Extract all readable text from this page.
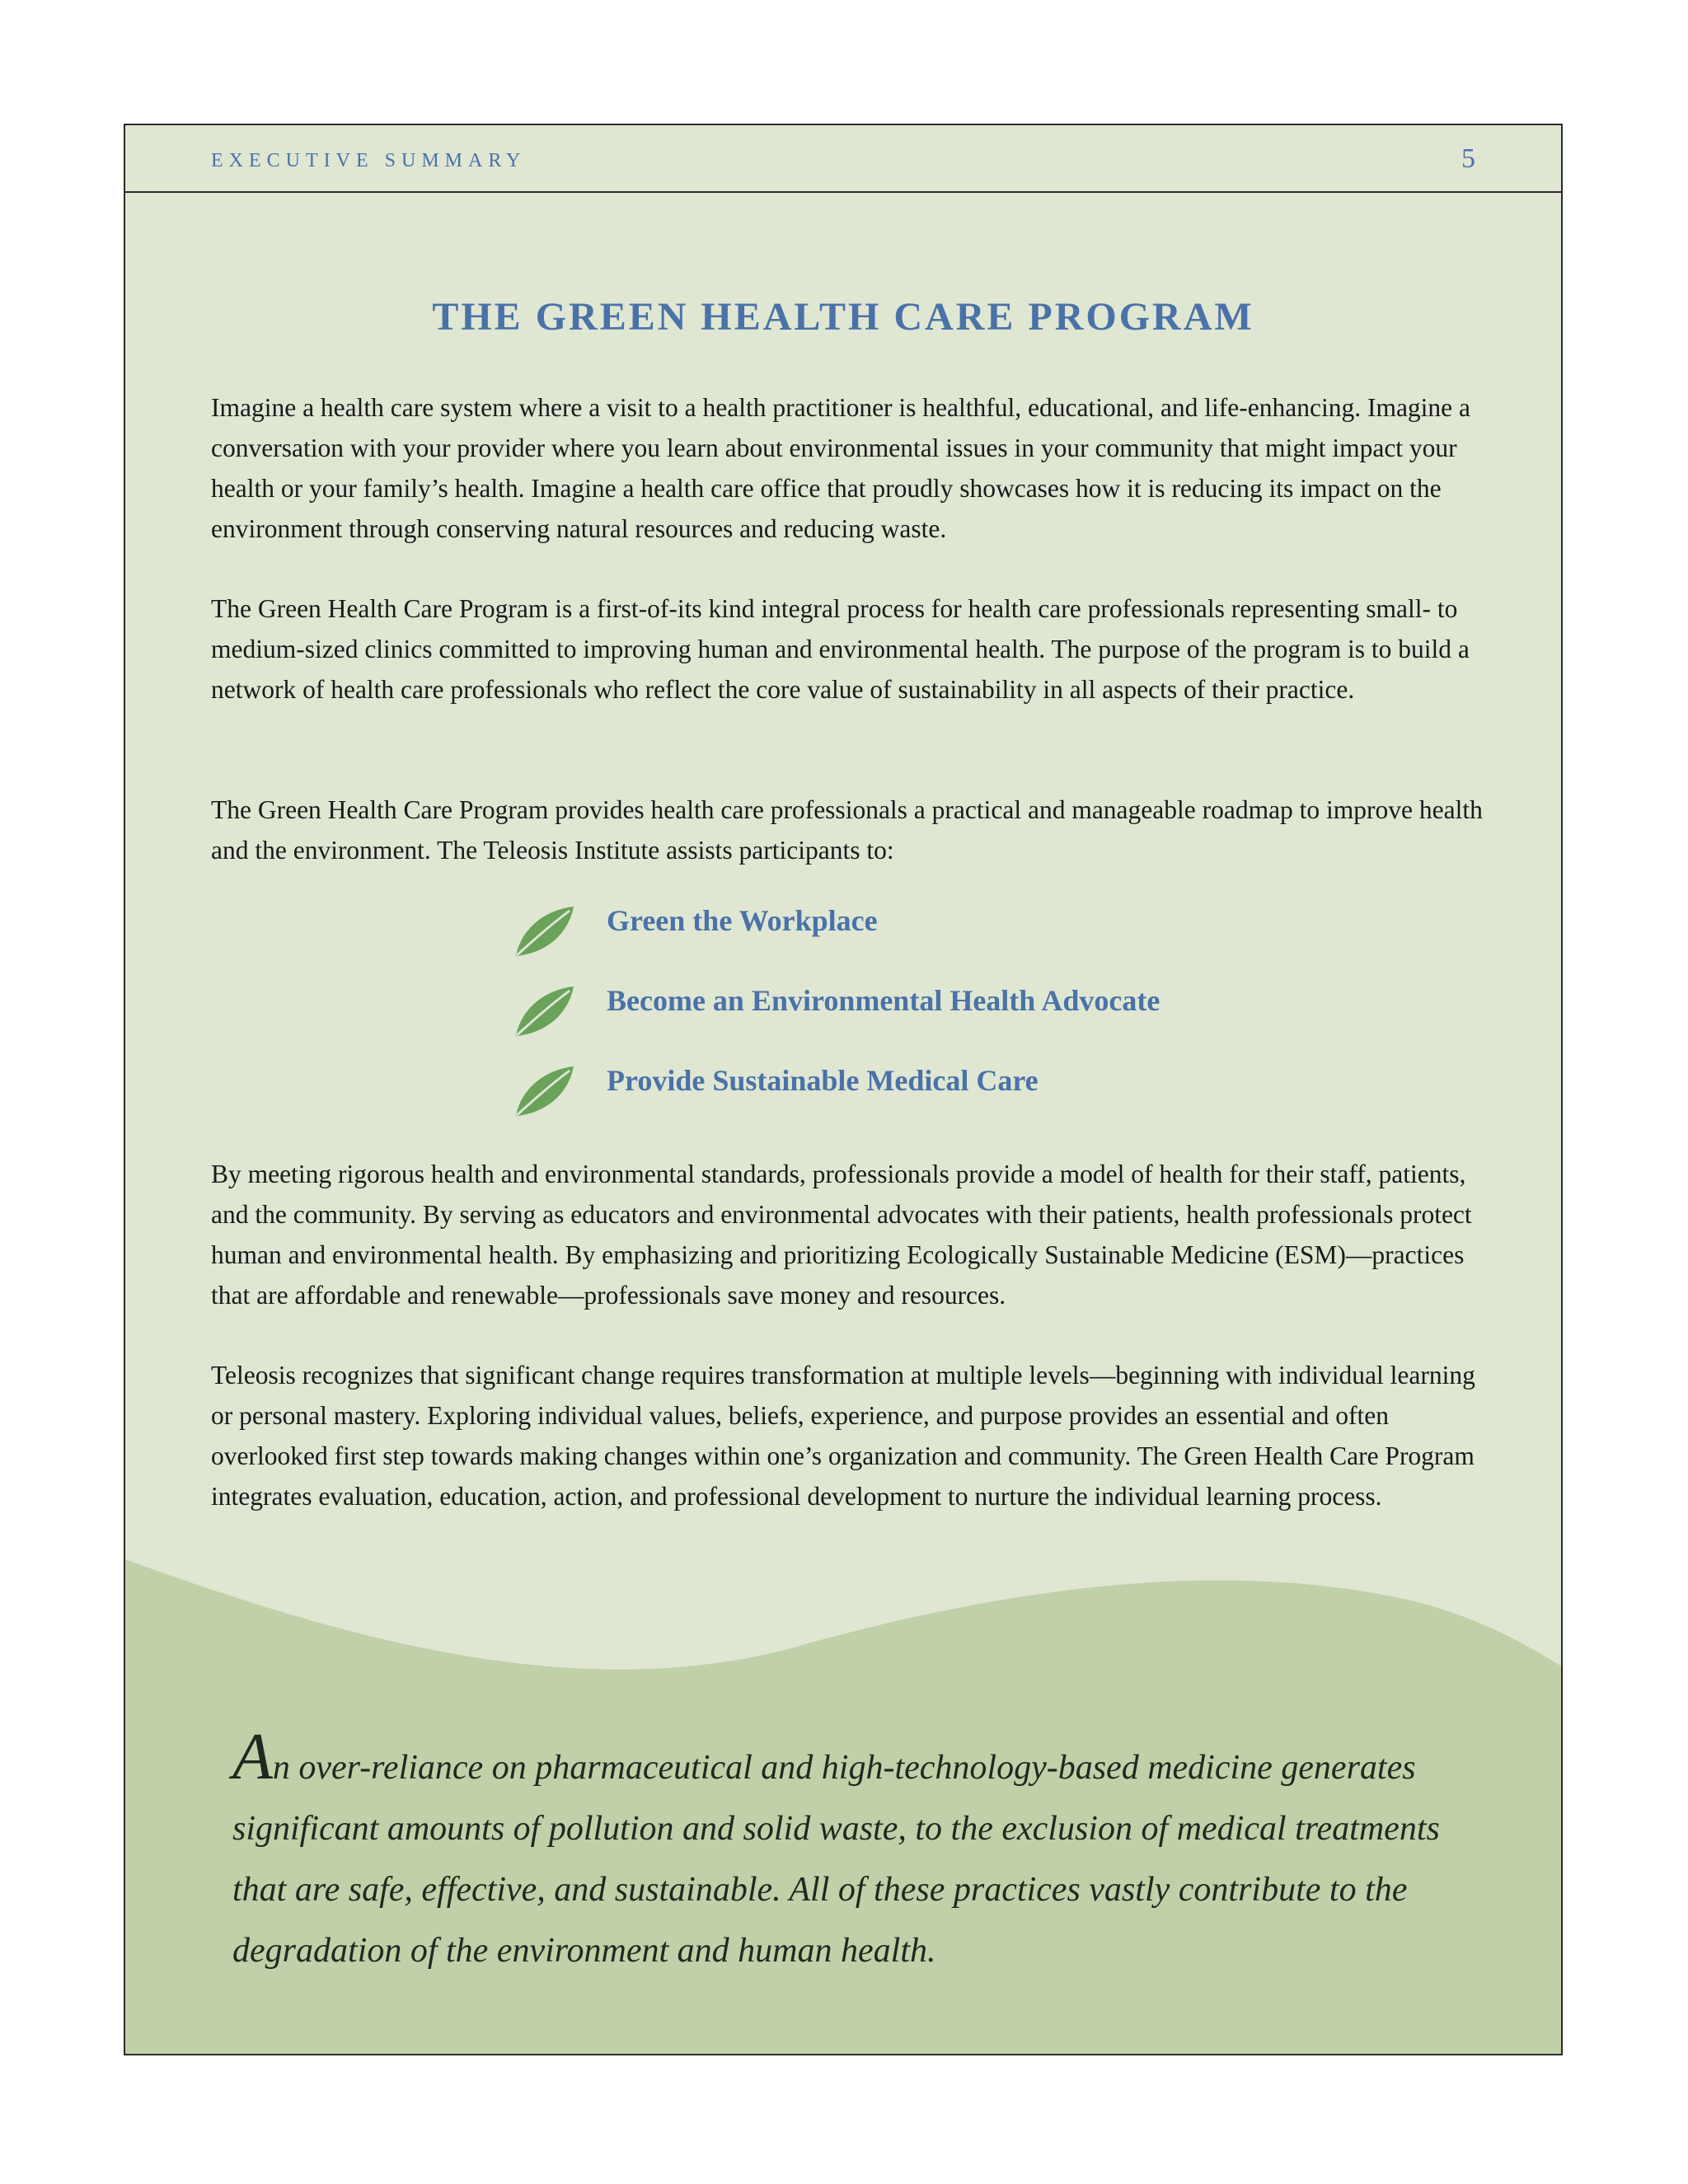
EXECUTIVE SUMMARY	5
THE GREEN HEALTH CARE PROGRAM

Imagine a health care system where a visit to a health practitioner is healthful, educational, and life-enhancing. Imagine a conversation with your provider where you learn about environmental issues in your community that might impact your health or your family’s health. Imagine a health care office that proudly showcases how it is reducing its impact on the environment through conserving natural resources and reducing waste.

The Green Health Care Program is a first-of-its kind integral process for health care professionals representing small- to medium-sized clinics committed to improving human and environmental health. The purpose of the program is to build a network of health care professionals who reflect the core value of sustainability in all aspects of their practice.

The Green Health Care Program provides health care professionals a practical and manageable roadmap to improve health and the environment. The Teleosis Institute assists participants to:

Green the Workplace
Become an Environmental Health Advocate
Provide Sustainable Medical Care

By meeting rigorous health and environmental standards, professionals provide a model of health for their staff, patients, and the community. By serving as educators and environmental advocates with their patients, health professionals protect human and environmental health. By emphasizing and prioritizing Ecologically Sustainable Medicine (ESM)—practices that are affordable and renewable—professionals save money and resources.

Teleosis recognizes that significant change requires transformation at multiple levels—beginning with individual learning or personal mastery. Exploring individual values, beliefs, experience, and purpose provides an essential and often overlooked first step towards making changes within one’s organization and community. The Green Health Care Program integrates evaluation, education, action, and professional development to nurture the individual learning process.

An over-reliance on pharmaceutical and high-technology-based medicine generates significant amounts of pollution and solid waste, to the exclusion of medical treatments that are safe, effective, and sustainable. All of these practices vastly contribute to the degradation of the environment and human health.
